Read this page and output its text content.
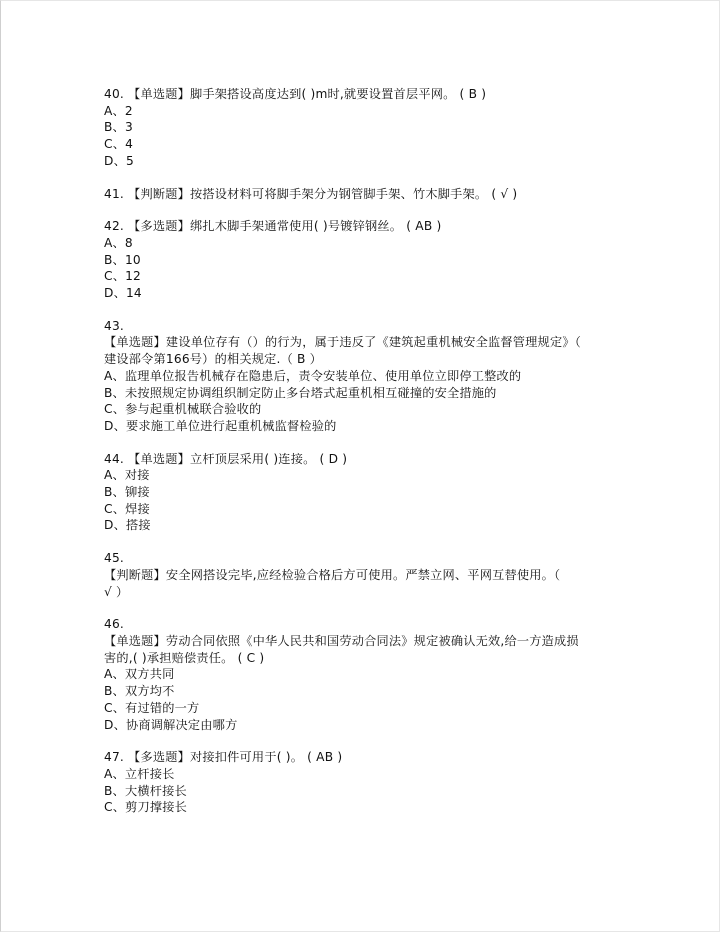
40. 【单选题】脚手架搭设高度达到( )m时,就要设置首层平网。 ( B )
A、2
B、3
C、4
D、5
41. 【判断题】按搭设材料可将脚手架分为钢管脚手架、竹木脚手架。 ( √ )
42. 【多选题】绑扎木脚手架通常使用( )号镀锌钢丝。 ( AB )
A、8
B、10
C、12
D、14
43.
【单选题】建设单位存有（）的行为，属于违反了《建筑起重机械安全监督管理规定》（
建设部令第166号）的相关规定.（ B ）
A、监理单位报告机械存在隐患后，责令安装单位、使用单位立即停工整改的
B、未按照规定协调组织制定防止多台塔式起重机相互碰撞的安全措施的
C、参与起重机械联合验收的
D、要求施工单位进行起重机械监督检验的
44. 【单选题】立杆顶层采用( )连接。 ( D )
A、对接
B、铆接
C、焊接
D、搭接
45.
【判断题】安全网搭设完毕,应经检验合格后方可使用。严禁立网、平网互替使用。（
√ ）
46.
【单选题】劳动合同依照《中华人民共和国劳动合同法》规定被确认无效,给一方造成损
害的,( )承担赔偿责任。 ( C )
A、双方共同
B、双方均不
C、有过错的一方
D、协商调解决定由哪方
47. 【多选题】对接扣件可用于( )。 ( AB )
A、立杆接长
B、大横杆接长
C、剪刀撑接长
